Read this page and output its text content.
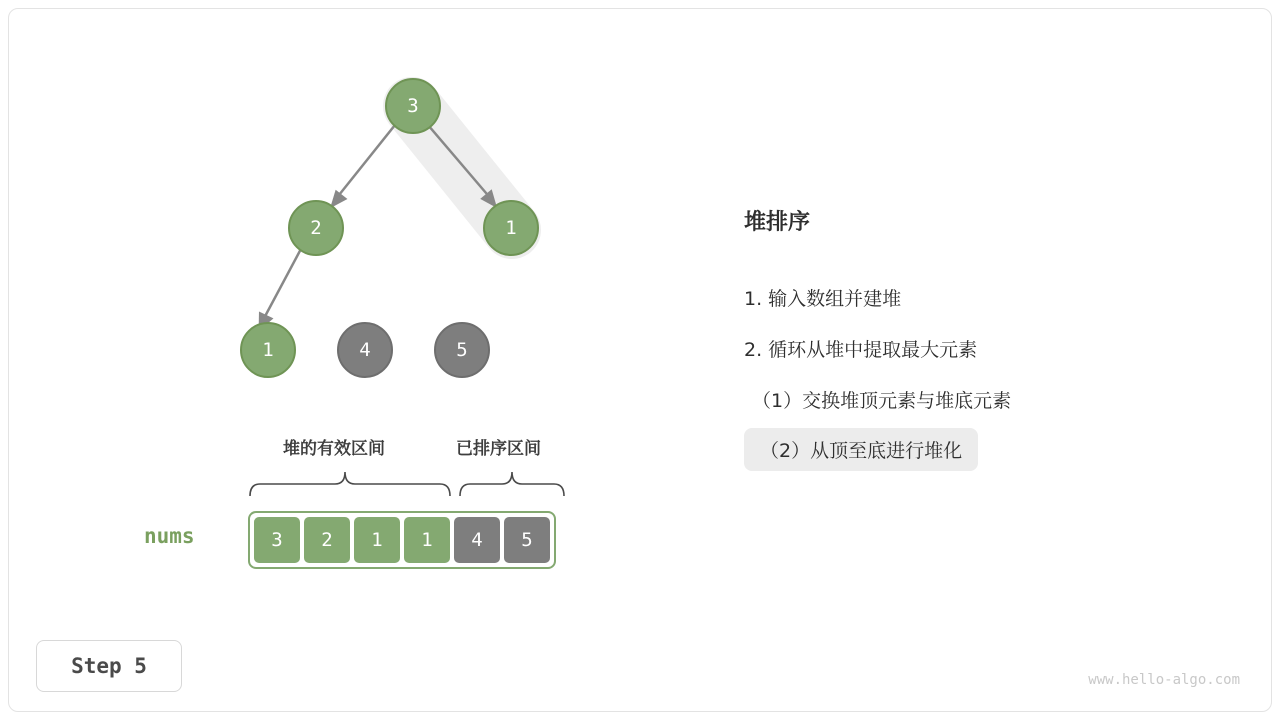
3
2	1
1	4	5
堆的有效区间	已排序区间
nums	3 2 1 1 4 5
堆排序
1. 输入数组并建堆
2. 循环从堆中提取最大元素
（1）交换堆顶元素与堆底元素
（2）从顶至底进行堆化
Step 5
www.hello-algo.com
